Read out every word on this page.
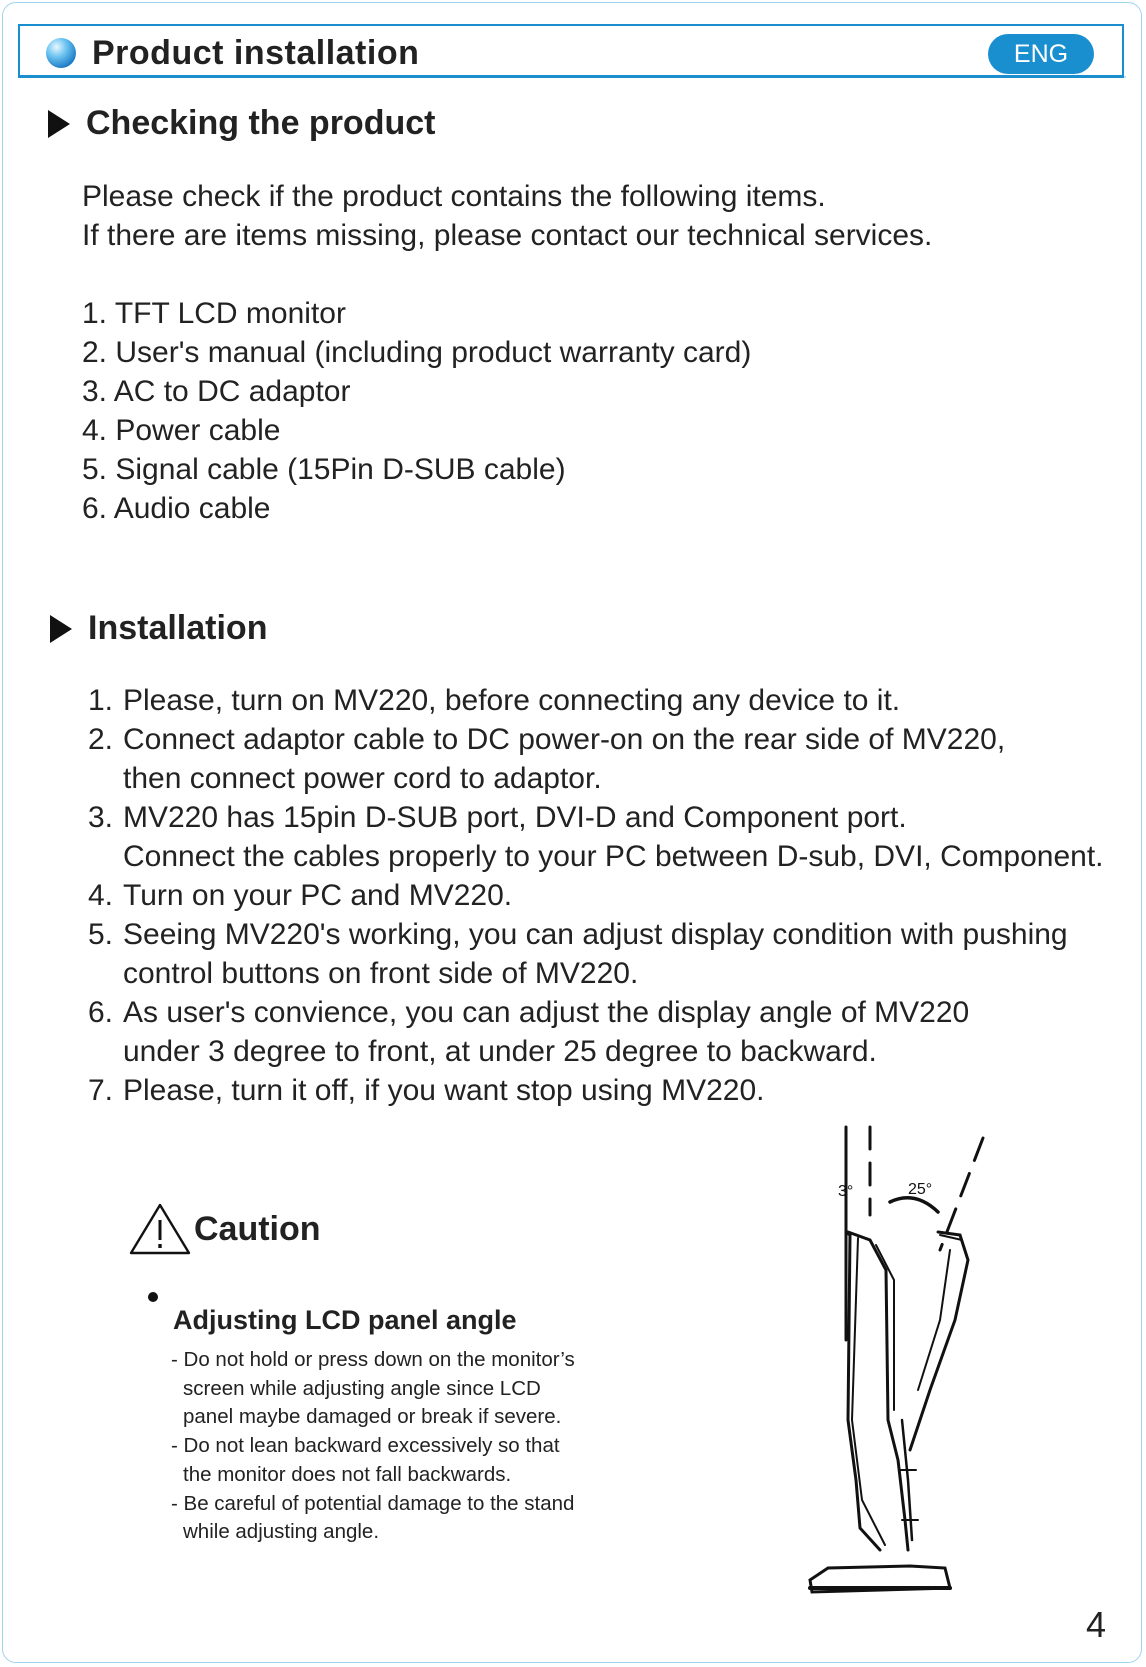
Product installation	ENG
Checking the product
Please check if the product contains the following items.
If there are items missing, please contact our technical services.
1. TFT LCD monitor
2. User's manual (including product warranty card)
3. AC to DC adaptor
4. Power cable
5. Signal cable (15Pin D-SUB cable)
6. Audio cable
Installation
1. Please, turn on MV220, before connecting any device to it.
2. Connect adaptor cable to DC power-on on the rear side of MV220,
then connect power cord to adaptor.
3. MV220 has 15pin D-SUB port, DVI-D and Component port.
Connect the cables properly to your PC between D-sub, DVI, Component.
4. Turn on your PC and MV220.
5. Seeing MV220's working, you can adjust display condition with pushing
control buttons on front side of MV220.
6. As user's convience, you can adjust the display angle of MV220
under 3 degree to front, at under 25 degree to backward.
7. Please, turn it off, if you want stop using MV220.
Caution
Adjusting LCD panel angle
- Do not hold or press down on the monitor’s
screen while adjusting angle since LCD
panel maybe damaged or break if severe.
- Do not lean backward excessively so that
the monitor does not fall backwards.
- Be careful of potential damage to the stand
while adjusting angle.
3°	25°
4
